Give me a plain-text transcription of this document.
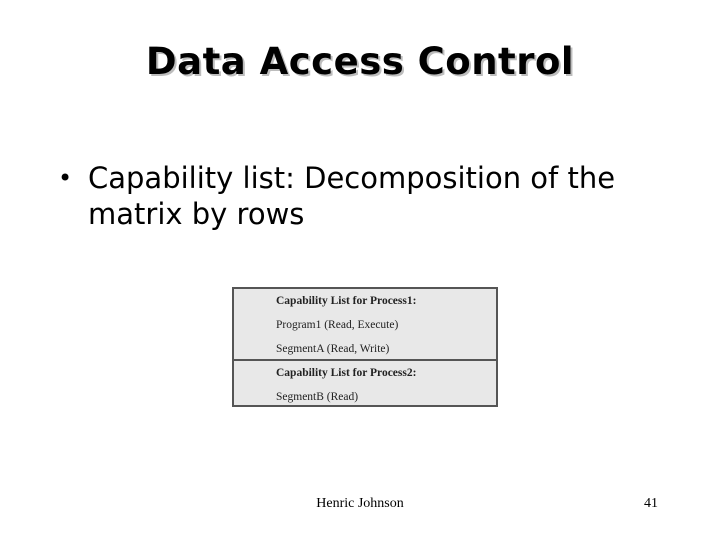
Data Access Control
• Capability list: Decomposition of the
matrix by rows
Capability List for Process1:
Program1 (Read, Execute)
SegmentA (Read, Write)
Capability List for Process2:
SegmentB (Read)
Henric Johnson	41
